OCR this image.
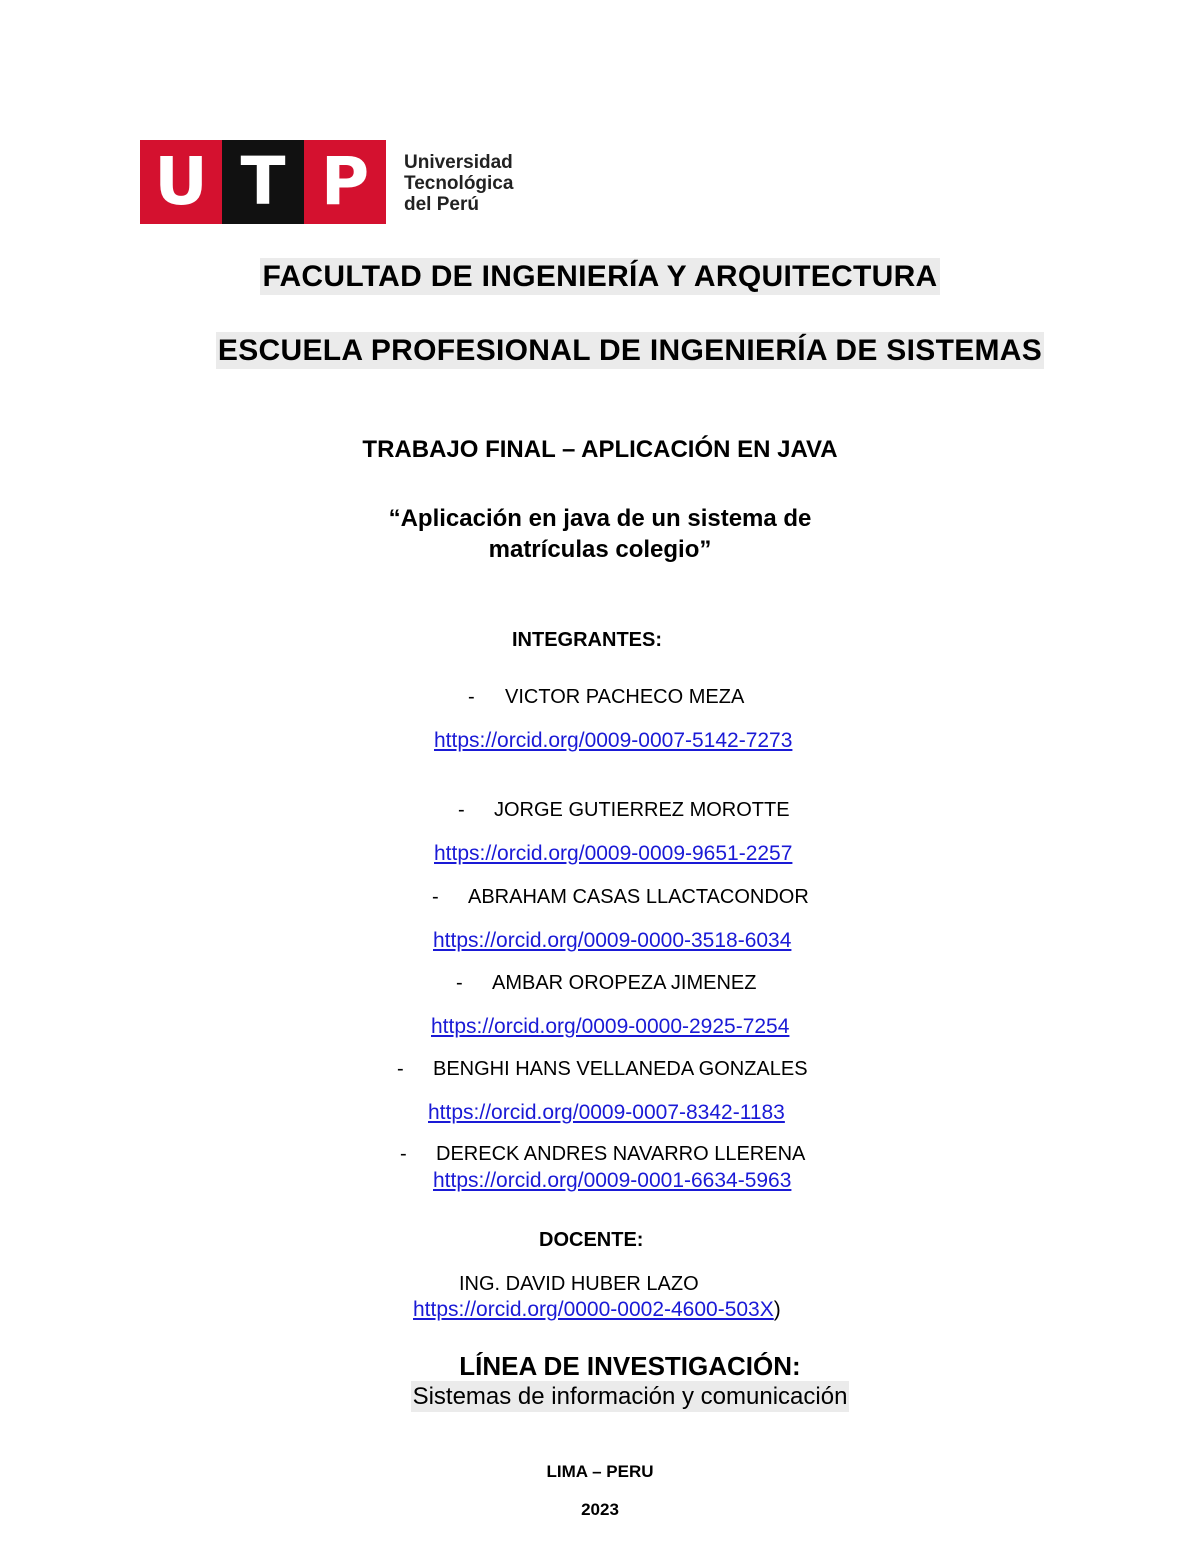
U T P	Universidad
Tecnológica
del Perú
FACULTAD DE INGENIERÍA Y ARQUITECTURA
ESCUELA PROFESIONAL DE INGENIERÍA DE SISTEMAS
TRABAJO FINAL – APLICACIÓN EN JAVA
“Aplicación en java de un sistema de
matrículas colegio”
INTEGRANTES:
- VICTOR PACHECO MEZA
https://orcid.org/0009-0007-5142-7273
- JORGE GUTIERREZ MOROTTE
https://orcid.org/0009-0009-9651-2257
- ABRAHAM CASAS LLACTACONDOR
https://orcid.org/0009-0000-3518-6034
- AMBAR OROPEZA JIMENEZ
https://orcid.org/0009-0000-2925-7254
- BENGHI HANS VELLANEDA GONZALES
https://orcid.org/0009-0007-8342-1183
- DERECK ANDRES NAVARRO LLERENA
https://orcid.org/0009-0001-6634-5963
DOCENTE:
ING. DAVID HUBER LAZO
https://orcid.org/0000-0002-4600-503X)
LÍNEA DE INVESTIGACIÓN:
Sistemas de información y comunicación
LIMA – PERU
2023
